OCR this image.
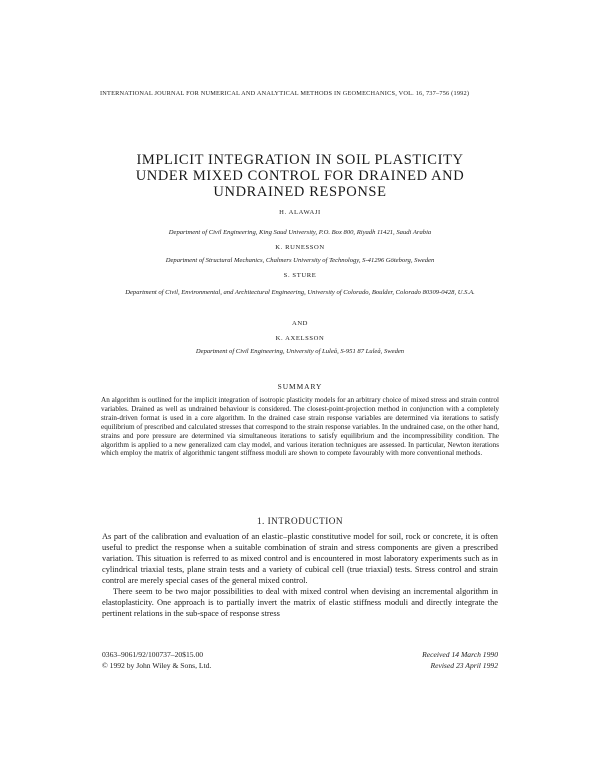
INTERNATIONAL JOURNAL FOR NUMERICAL AND ANALYTICAL METHODS IN GEOMECHANICS, VOL. 16, 737–756 (1992)
IMPLICIT INTEGRATION IN SOIL PLASTICITY
UNDER MIXED CONTROL FOR DRAINED AND
UNDRAINED RESPONSE
H. ALAWAJI
Department of Civil Engineering, King Saud University, P.O. Box 800, Riyadh 11421, Saudi Arabia
K. RUNESSON
Department of Structural Mechanics, Chalmers University of Technology, S-41296 Göteborg, Sweden
S. STURE
Department of Civil, Environmental, and Architectural Engineering, University of Colorado, Boulder, Colorado 80309-0428, U.S.A.
AND
K. AXELSSON
Department of Civil Engineering, University of Luleå, S-951 87 Luleå, Sweden
SUMMARY
An algorithm is outlined for the implicit integration of isotropic plasticity models for an arbitrary choice of mixed stress and strain control variables. Drained as well as undrained behaviour is considered. The closest-point-projection method in conjunction with a completely strain-driven format is used in a core algorithm. In the drained case strain response variables are determined via iterations to satisfy equilibrium of prescribed and calculated stresses that correspond to the strain response variables. In the undrained case, on the other hand, strains and pore pressure are determined via simultaneous iterations to satisfy equilibrium and the incompressibility condition. The algorithm is applied to a new generalized cam clay model, and various iteration techniques are assessed. In particular, Newton iterations which employ the matrix of algorithmic tangent stiffness moduli are shown to compete favourably with more conventional methods.
1. INTRODUCTION

As part of the calibration and evaluation of an elastic–plastic constitutive model for soil, rock or concrete, it is often useful to predict the response when a suitable combination of strain and stress components are given a prescribed variation. This situation is referred to as mixed control and is encountered in most laboratory experiments such as in cylindrical triaxial tests, plane strain tests and a variety of cubical cell (true triaxial) tests. Stress control and strain control are merely special cases of the general mixed control.

There seem to be two major possibilities to deal with mixed control when devising an incremental algorithm in elastoplasticity. One approach is to partially invert the matrix of elastic stiffness moduli and directly integrate the pertinent relations in the sub-space of response stress

0363–9061/92/100737–20$15.00
© 1992 by John Wiley & Sons, Ltd.
Received 14 March 1990
Revised 23 April 1992
